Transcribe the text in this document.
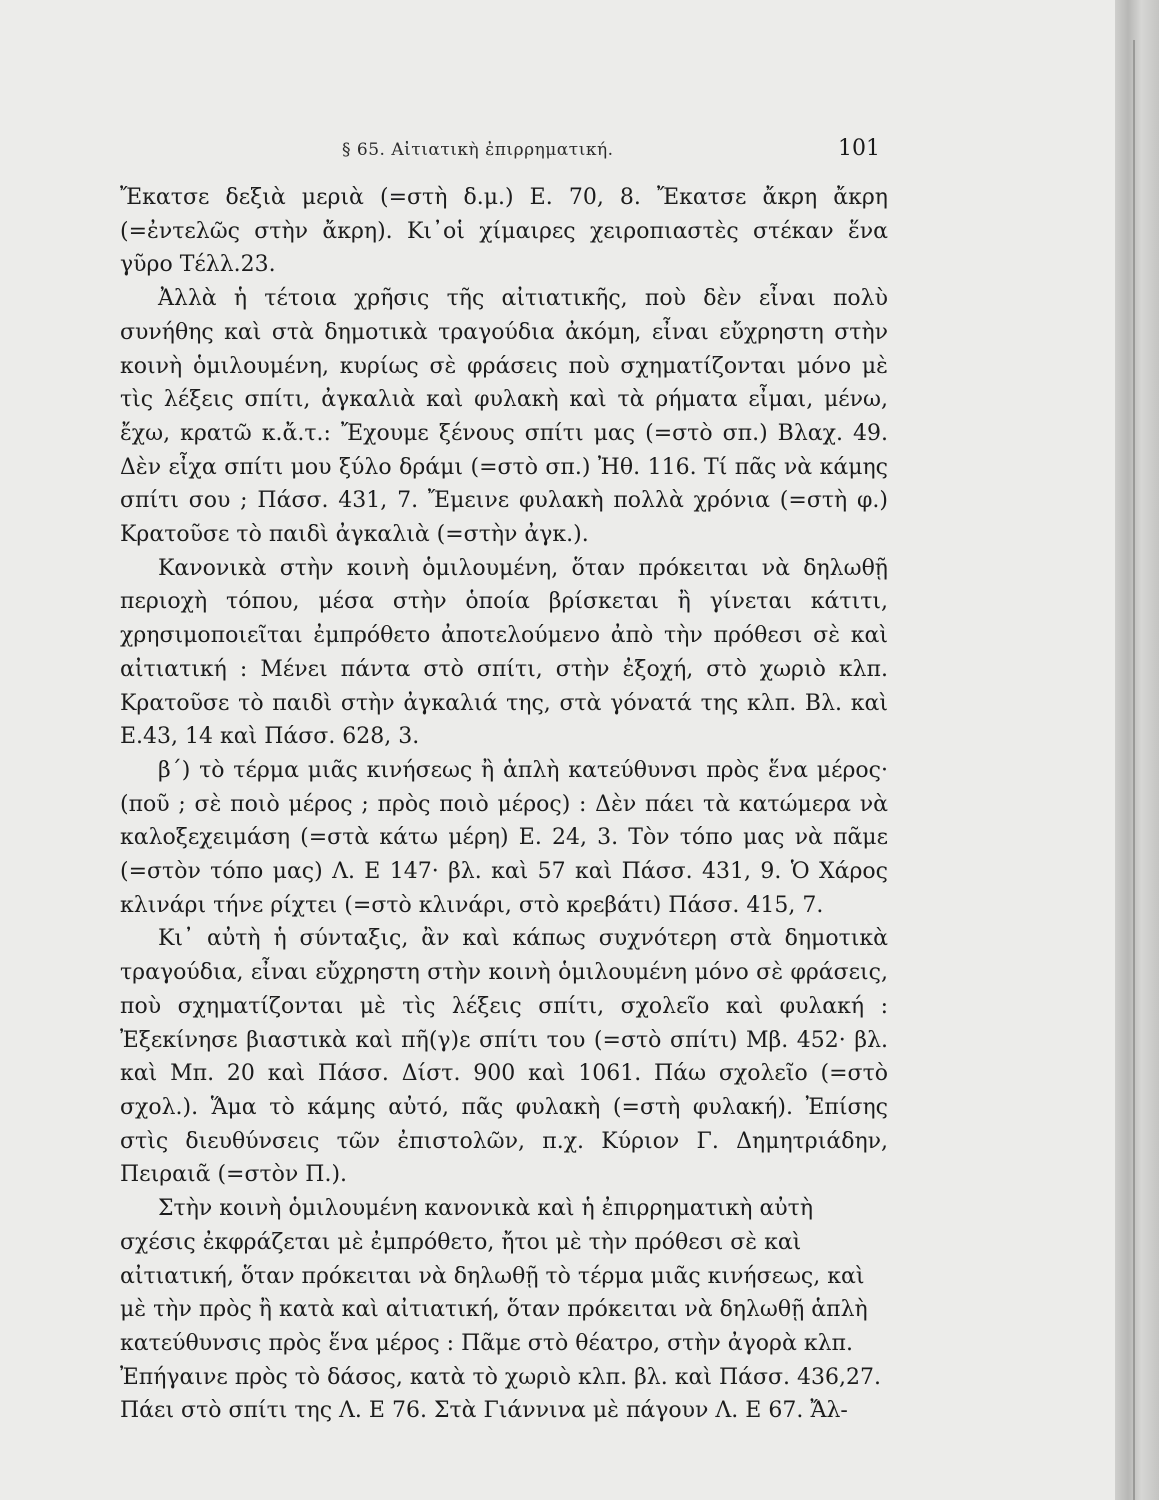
§ 65. Αἰτιατικὴ ἐπιρρηματική.	101

Ἔκατσε δεξιὰ μεριὰ (=στὴ δ.μ.) Ε. 70, 8. Ἔκατσε ἄκρη ἄκρη (=ἐντελῶς στὴν ἄκρη). Κι᾽οἱ χίμαιρες χειροπιαστὲς στέκαν ἕνα γῦρο Τέλλ.23.

Ἀλλὰ ἡ τέτοια χρῆσις τῆς αἰτιατικῆς, ποὺ δὲν εἶναι πολὺ συνήθης καὶ στὰ δημοτικὰ τραγούδια ἀκόμη, εἶναι εὔχρηστη στὴν κοινὴ ὁμιλουμένη, κυρίως σὲ φράσεις ποὺ σχηματίζονται μόνο μὲ τὶς λέξεις σπίτι, ἀγκαλιὰ καὶ φυλακὴ καὶ τὰ ρήματα εἶμαι, μένω, ἔχω, κρατῶ κ.ἄ.τ.: Ἔχουμε ξένους σπίτι μας (=στὸ σπ.) Βλαχ. 49. Δὲν εἶχα σπίτι μου ξύλο δράμι (=στὸ σπ.) Ἠθ. 116. Τί πᾶς νὰ κάμης σπίτι σου ; Πάσσ. 431, 7. Ἔμεινε φυλακὴ πολλὰ χρόνια (=στὴ φ.) Κρατοῦσε τὸ παιδὶ ἀγκαλιὰ (=στὴν ἀγκ.).

Κανονικὰ στὴν κοινὴ ὁμιλουμένη, ὅταν πρόκειται νὰ δηλωθῇ περιοχὴ τόπου, μέσα στὴν ὁποία βρίσκεται ἢ γίνεται κάτιτι, χρησιμοποιεῖται ἐμπρόθετο ἀποτελούμενο ἀπὸ τὴν πρόθεσι σὲ καὶ αἰτιατική : Μένει πάντα στὸ σπίτι, στὴν ἐξοχή, στὸ χωριὸ κλπ. Κρατοῦσε τὸ παιδὶ στὴν ἀγκαλιά της, στὰ γόνατά της κλπ. Βλ. καὶ Ε.43, 14 καὶ Πάσσ. 628, 3.

β΄) τὸ τέρμα μιᾶς κινήσεως ἢ ἁπλὴ κατεύθυνσι πρὸς ἕνα μέρος· (ποῦ ; σὲ ποιὸ μέρος ; πρὸς ποιὸ μέρος) : Δὲν πάει τὰ κατώμερα νὰ καλοξεχειμάση (=στὰ κάτω μέρη) Ε. 24, 3. Τὸν τόπο μας νὰ πᾶμε (=στὸν τόπο μας) Λ. Ε 147· βλ. καὶ 57 καὶ Πάσσ. 431, 9. Ὁ Χάρος κλινάρι τήνε ρίχτει (=στὸ κλινάρι, στὸ κρεβάτι) Πάσσ. 415, 7.

Κι᾽ αὐτὴ ἡ σύνταξις, ἂν καὶ κάπως συχνότερη στὰ δημοτικὰ τραγούδια, εἶναι εὔχρηστη στὴν κοινὴ ὁμιλουμένη μόνο σὲ φράσεις, ποὺ σχηματίζονται μὲ τὶς λέξεις σπίτι, σχολεῖο καὶ φυλακή : Ἐξεκίνησε βιαστικὰ καὶ πῆ(γ)ε σπίτι του (=στὸ σπίτι) Μβ. 452· βλ. καὶ Μπ. 20 καὶ Πάσσ. Δίστ. 900 καὶ 1061. Πάω σχολεῖο (=στὸ σχολ.). Ἅμα τὸ κάμης αὐτό, πᾶς φυλακὴ (=στὴ φυλακή). Ἐπίσης στὶς διευθύνσεις τῶν ἐπιστολῶν, π.χ. Κύριον Γ. Δημητριάδην, Πειραιᾶ (=στὸν Π.).

Στὴν κοινὴ ὁμιλουμένη κανονικὰ καὶ ἡ ἐπιρρηματικὴ αὐτὴ σχέσις ἐκφράζεται μὲ ἐμπρόθετο, ἤτοι μὲ τὴν πρόθεσι σὲ καὶ αἰτιατική, ὅταν πρόκειται νὰ δηλωθῇ τὸ τέρμα μιᾶς κινήσεως, καὶ μὲ τὴν πρὸς ἢ κατὰ καὶ αἰτιατική, ὅταν πρόκειται νὰ δηλωθῇ ἁπλὴ κατεύθυνσις πρὸς ἕνα μέρος : Πᾶμε στὸ θέατρο, στὴν ἀγορὰ κλπ. Ἐπήγαινε πρὸς τὸ δάσος, κατὰ τὸ χωριὸ κλπ. βλ. καὶ Πάσσ. 436,27. Πάει στὸ σπίτι της Λ. Ε 76. Στὰ Γιάννινα μὲ πάγουν Λ. Ε 67. Ἄλ-
